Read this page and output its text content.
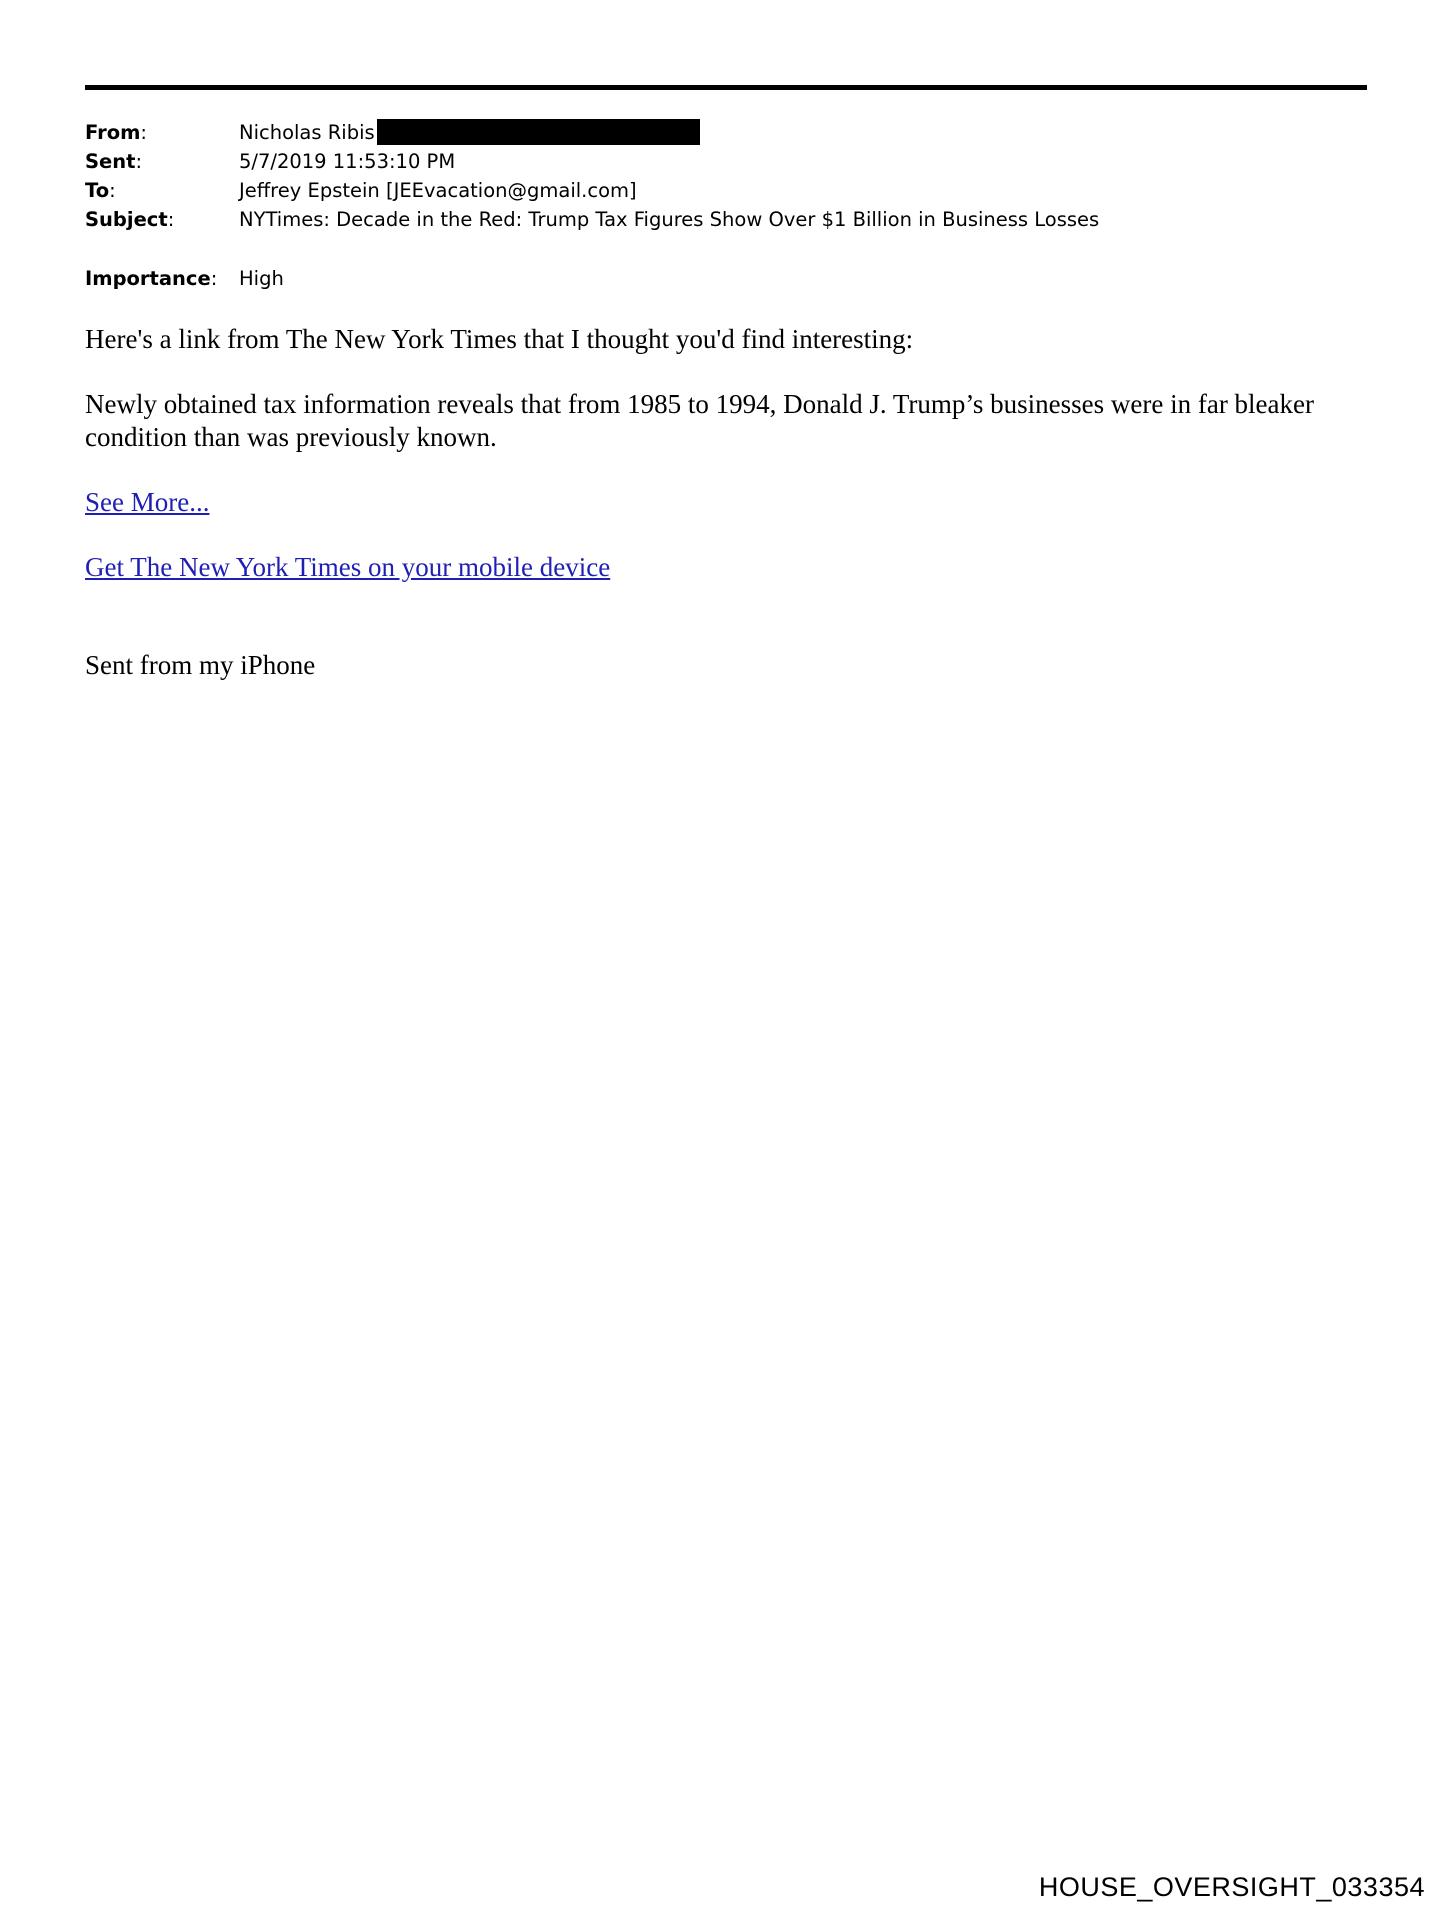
From:	Nicholas Ribis
Sent:	5/7/2019 11:53:10 PM
To:	Jeffrey Epstein [JEEvacation@gmail.com]
Subject:	NYTimes: Decade in the Red: Trump Tax Figures Show Over $1 Billion in Business Losses
Importance: High
Here's a link from The New York Times that I thought you'd find interesting:
Newly obtained tax information reveals that from 1985 to 1994, Donald J. Trump’s businesses were in far bleaker condition than was previously known.
See More...
Get The New York Times on your mobile device
Sent from my iPhone
HOUSE_OVERSIGHT_033354
